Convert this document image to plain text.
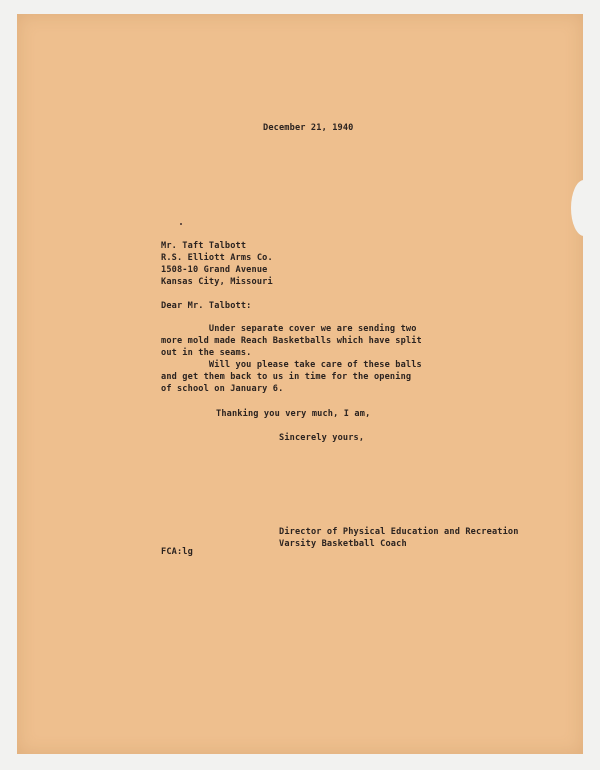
December 21, 1940
Mr. Taft Talbott
R.S. Elliott Arms Co.
1508-10 Grand Avenue
Kansas City, Missouri
Dear Mr. Talbott:
Under separate cover we are sending two
more mold made Reach Basketballs which have split
out in the seams.
Will you please take care of these balls
and get them back to us in time for the opening
of school on January 6.
Thanking you very much, I am,
Sincerely yours,
Director of Physical Education and Recreation
Varsity Basketball Coach
FCA:lg
